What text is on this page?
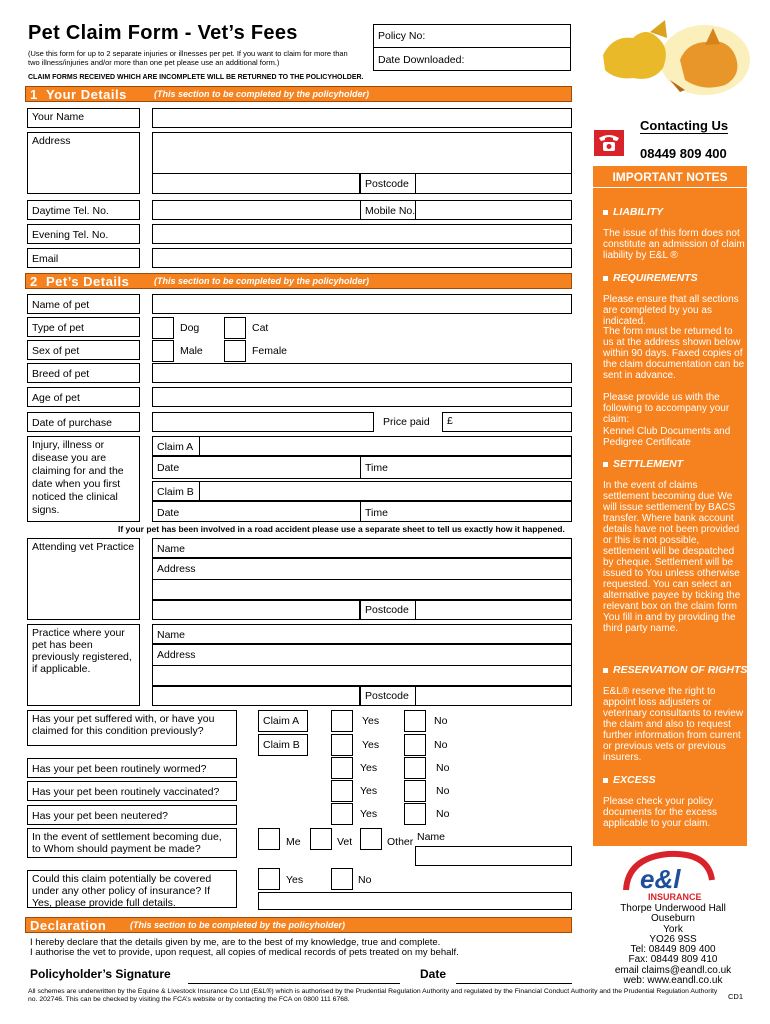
Pet Claim Form - Vet’s Fees
(Use this form for up to 2 separate injuries or illnesses per pet. If you want to claim for more than two illness/injuries and/or more than one pet please use an additional form.)
CLAIM FORMS RECEIVED WHICH ARE INCOMPLETE WILL BE RETURNED TO THE POLICYHOLDER.
Policy No:
Date Downloaded:
1 Your Details	(This section to be completed by the policyholder)
Your Name
Address
Postcode
Daytime Tel. No.	Mobile No.
Evening Tel. No.
Email
2 Pet’s Details	(This section to be completed by the policyholder)
Name of pet
Type of pet	Dog	Cat
Sex of pet	Male	Female
Breed of pet
Age of pet
Date of purchase	Price paid	£
Injury, illness or disease you are claiming for and the date when you first noticed the clinical signs.
Claim A
Date	Time
Claim B
Date	Time
If your pet has been involved in a road accident please use a separate sheet to tell us exactly how it happened.
Attending vet Practice	Name
Address
Postcode
Practice where your pet has been previously registered, if applicable.
Name
Address
Postcode
Has your pet suffered with, or have you claimed for this condition previously?
Claim A	Yes	No
Claim B	Yes	No
Has your pet been routinely wormed?	Yes	No
Has your pet been routinely vaccinated?	Yes	No
Has your pet been neutered?	Yes	No
In the event of settlement becoming due, to Whom should payment be made?
Me	Vet	Other Name
Could this claim potentially be covered under any other policy of insurance? If Yes, please provide full details.
Yes	No
Declaration	(This section to be completed by the policyholder)
I hereby declare that the details given by me, are to the best of my knowledge, true and complete.
I authorise the vet to provide, upon request, all copies of medical records of pets treated on my behalf.
Policyholder’s Signature	Date
All schemes are underwritten by the Equine & Livestock Insurance Co Ltd (E&L®) which is authorised by the Prudential Regulation Authority and regulated by the Financial Conduct Authority and the Prudential Regulation Authority no. 202746. This can be checked by visiting the FCA’s website or by contacting the FCA on 0800 111 6768.	CD1
Contacting Us
08449 809 400
IMPORTANT NOTES
LIABILITY
The issue of this form does not constitute an admission of claim liability by E&L ®
REQUIREMENTS
Please ensure that all sections are completed by you as indicated.
The form must be returned to us at the address shown below within 90 days. Faxed copies of the claim documentation can be sent in advance.
Please provide us with the following to accompany your claim:
Kennel Club Documents and Pedigree Certificate
SETTLEMENT
In the event of claims settlement becoming due We will issue settlement by BACS transfer. Where bank account details have not been provided or this is not possible, settlement will be despatched by cheque. Settlement will be issued to You unless otherwise requested. You can select an alternative payee by ticking the relevant box on the claim form You fill in and by providing the third party name.
RESERVATION OF RIGHTS
E&L® reserve the right to appoint loss adjusters or veterinary consultants to review the claim and also to request further information from current or previous vets or previous insurers.
EXCESS
Please check your policy documents for the excess applicable to your claim.
e&l
INSURANCE
Thorpe Underwood Hall
Ouseburn
York
YO26 9SS
Tel: 08449 809 400
Fax: 08449 809 410
email claims@eandl.co.uk
web: www.eandl.co.uk
